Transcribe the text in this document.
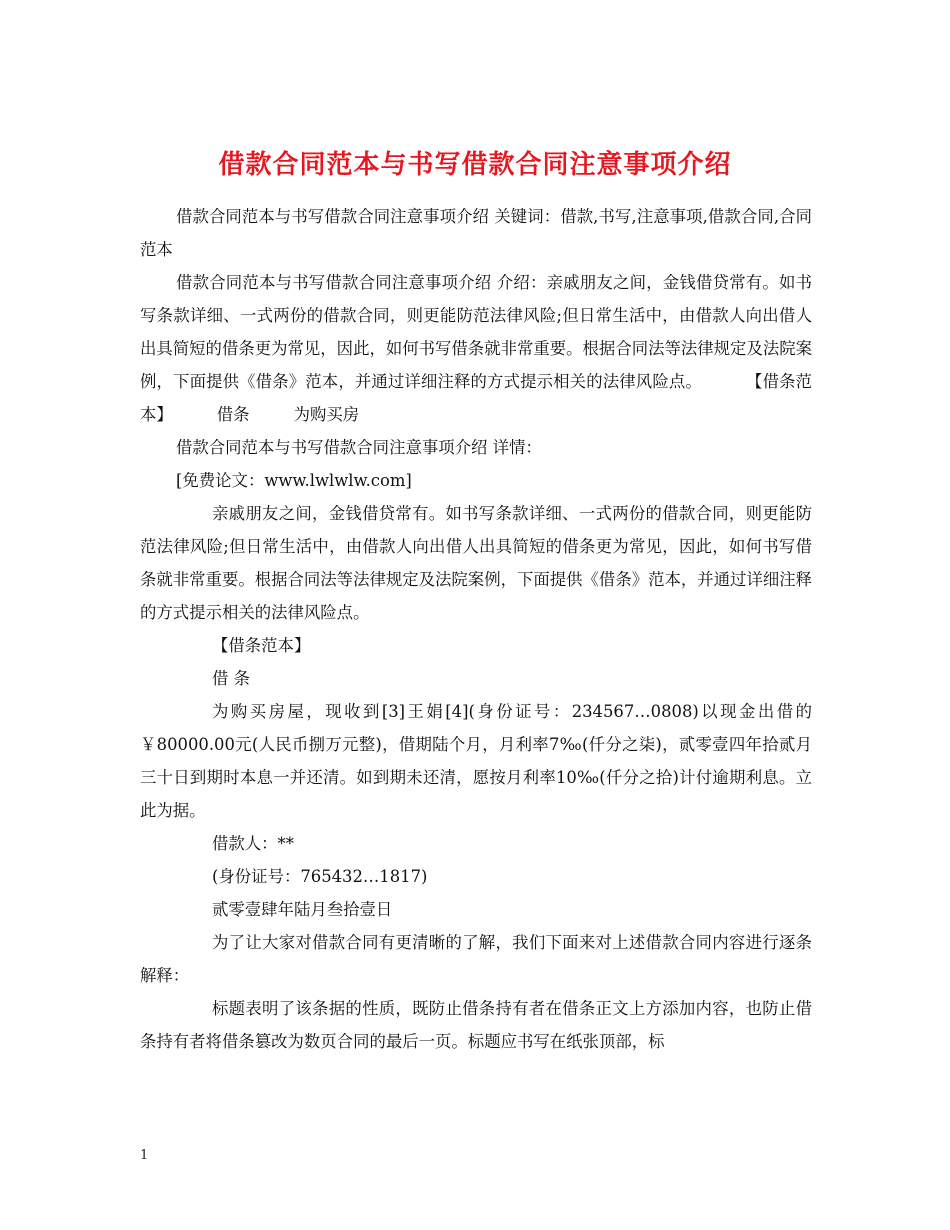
借款合同范本与书写借款合同注意事项介绍

借款合同范本与书写借款合同注意事项介绍 关键词：借款,书写,注意事项,借款合同,合同范本

借款合同范本与书写借款合同注意事项介绍 介绍：亲戚朋友之间，金钱借贷常有。如书写条款详细、一式两份的借款合同，则更能防范法律风险;但日常生活中，由借款人向出借人出具简短的借条更为常见，因此，如何书写借条就非常重要。根据合同法等法律规定及法院案例，下面提供《借条》范本，并通过详细注释的方式提示相关的法律风险点。	【借条范本】	借条	为购买房

借款合同范本与书写借款合同注意事项介绍 详情：

[免费论文：www.lwlwlw.com]

亲戚朋友之间，金钱借贷常有。如书写条款详细、一式两份的借款合同，则更能防范法律风险;但日常生活中，由借款人向出借人出具简短的借条更为常见，因此，如何书写借条就非常重要。根据合同法等法律规定及法院案例，下面提供《借条》范本，并通过详细注释的方式提示相关的法律风险点。

【借条范本】

借 条

为购买房屋，现收到[3]王娟[4](身份证号：234567…0808)以现金出借的￥80000.00元(人民币捌万元整)，借期陆个月，月利率7‰(仟分之柒)，贰零壹四年拾贰月三十日到期时本息一并还清。如到期未还清，愿按月利率10‰(仟分之拾)计付逾期利息。立此为据。

借款人：**

(身份证号：765432…1817)

贰零壹肆年陆月叁拾壹日

为了让大家对借款合同有更清晰的了解，我们下面来对上述借款合同内容进行逐条解释：

标题表明了该条据的性质，既防止借条持有者在借条正文上方添加内容，也防止借条持有者将借条篡改为数页合同的最后一页。标题应书写在纸张顶部，标

1
